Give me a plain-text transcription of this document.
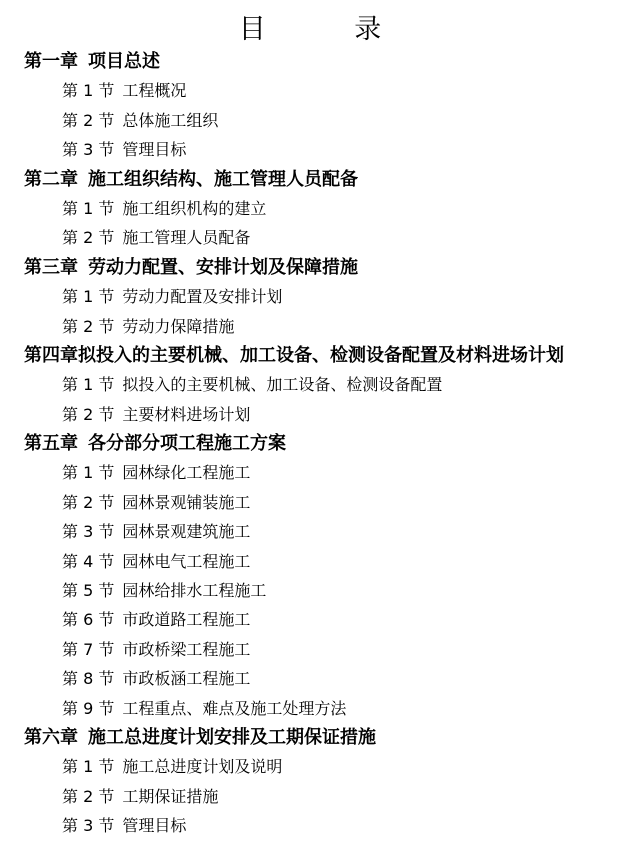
目 录
第一章 项目总述
第 1 节 工程概况
第 2 节 总体施工组织
第 3 节 管理目标
第二章 施工组织结构、施工管理人员配备
第 1 节 施工组织机构的建立
第 2 节 施工管理人员配备
第三章 劳动力配置、安排计划及保障措施
第 1 节 劳动力配置及安排计划
第 2 节 劳动力保障措施
第四章拟投入的主要机械、加工设备、检测设备配置及材料进场计划
第 1 节 拟投入的主要机械、加工设备、检测设备配置
第 2 节 主要材料进场计划
第五章 各分部分项工程施工方案
第 1 节 园林绿化工程施工
第 2 节 园林景观铺装施工
第 3 节 园林景观建筑施工
第 4 节 园林电气工程施工
第 5 节 园林给排水工程施工
第 6 节 市政道路工程施工
第 7 节 市政桥梁工程施工
第 8 节 市政板涵工程施工
第 9 节 工程重点、难点及施工处理方法
第六章 施工总进度计划安排及工期保证措施
第 1 节 施工总进度计划及说明
第 2 节 工期保证措施
第 3 节 管理目标
